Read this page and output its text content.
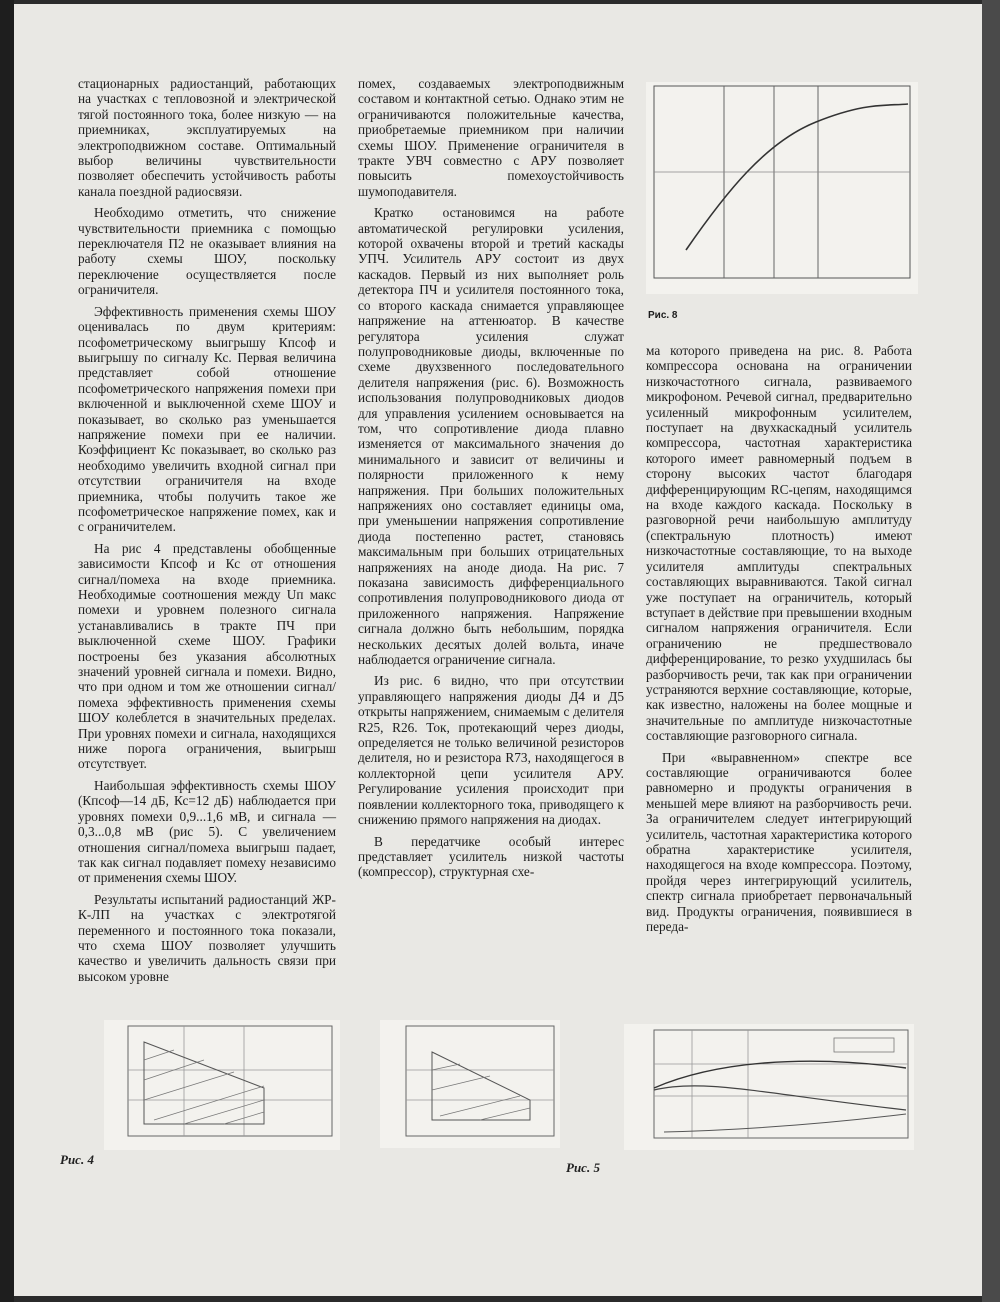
стационарных радиостанций, работающих на участках с тепловозной и электрической тягой постоянного тока, более низкую — на приемниках, эксплуатируемых на электроподвижном составе. Оптимальный выбор величины чувствительности позволяет обеспечить устойчивость работы канала поездной радиосвязи.

Необходимо отметить, что снижение чувствительности приемника с помощью переключателя П2 не оказывает влияния на работу схемы ШОУ, поскольку переключение осуществляется после ограничителя.

Эффективность применения схемы ШОУ оценивалась по двум критериям: псофометрическому выигрышу Кпсоф и выигрышу по сигналу Кс. Первая величина представляет собой отношение псофометрического напряжения помехи при включенной и выключенной схеме ШОУ и показывает, во сколько раз уменьшается напряжение помехи при ее наличии. Коэффициент Кс показывает, во сколько раз необходимо увеличить входной сигнал при отсутствии ограничителя на входе приемника, чтобы получить такое же псофометрическое напряжение помех, как и с ограничителем.

На рис 4 представлены обобщенные зависимости Кпсоф и Кс от отношения сигнал/помеха на входе приемника. Необходимые соотношения между Uп макс помехи и уровнем полезного сигнала устанавливались в тракте ПЧ при выключенной схеме ШОУ. Графики построены без указания абсолютных значений уровней сигнала и помехи. Видно, что при одном и том же отношении сигнал/помеха эффективность применения схемы ШОУ колеблется в значительных пределах. При уровнях помехи и сигнала, находящихся ниже порога ограничения, выигрыш отсутствует.

Наибольшая эффективность схемы ШОУ (Кпсоф—14 дБ, Кс=12 дБ) наблюдается при уровнях помехи 0,9...1,6 мВ, и сигнала — 0,3...0,8 мВ (рис 5). С увеличением отношения сигнал/помеха выигрыш падает, так как сигнал подавляет помеху независимо от применения схемы ШОУ.

Результаты испытаний радиостанций ЖР-К-ЛП на участках с электротягой переменного и постоянного тока показали, что схема ШОУ позволяет улучшить качество и увеличить дальность связи при высоком уровне

помех, создаваемых электроподвижным составом и контактной сетью. Однако этим не ограничиваются положительные качества, приобретаемые приемником при наличии схемы ШОУ. Применение ограничителя в тракте УВЧ совместно с АРУ позволяет повысить помехоустойчивость шумоподавителя.

Кратко остановимся на работе автоматической регулировки усиления, которой охвачены второй и третий каскады УПЧ. Усилитель АРУ состоит из двух каскадов. Первый из них выполняет роль детектора ПЧ и усилителя постоянного тока, со второго каскада снимается управляющее напряжение на аттенюатор. В качестве регулятора усиления служат полупроводниковые диоды, включенные по схеме двухзвенного последовательного делителя напряжения (рис. 6). Возможность использования полупроводниковых диодов для управления усилением основывается на том, что сопротивление диода плавно изменяется от максимального значения до минимального и зависит от величины и полярности приложенного к нему напряжения. При больших положительных напряжениях оно составляет единицы ома, при уменьшении напряжения сопротивление диода постепенно растет, становясь максимальным при больших отрицательных напряжениях на аноде диода. На рис. 7 показана зависимость дифференциального сопротивления полупроводникового диода от приложенного напряжения. Напряжение сигнала должно быть небольшим, порядка нескольких десятых долей вольта, иначе наблюдается ограничение сигнала.

Из рис. 6 видно, что при отсутствии управляющего напряжения диоды Д4 и Д5 открыты напряжением, снимаемым с делителя R25, R26. Ток, протекающий через диоды, определяется не только величиной резисторов делителя, но и резистора R73, находящегося в коллекторной цепи усилителя АРУ. Регулирование усиления происходит при появлении коллекторного тока, приводящего к снижению прямого напряжения на диодах.

В передатчике особый интерес представляет усилитель низкой частоты (компрессор), структурная схе-

ма которого приведена на рис. 8. Работа компрессора основана на ограничении низкочастотного сигнала, развиваемого микрофоном. Речевой сигнал, предварительно усиленный микрофонным усилителем, поступает на двухкаскадный усилитель компрессора, частотная характеристика которого имеет равномерный подъем в сторону высоких частот благодаря дифференцирующим RC-цепям, находящимся на входе каждого каскада. Поскольку в разговорной речи наибольшую амплитуду (спектральную плотность) имеют низкочастотные составляющие, то на выходе усилителя амплитуды спектральных составляющих выравниваются. Такой сигнал уже поступает на ограничитель, который вступает в действие при превышении входным сигналом напряжения ограничителя. Если ограничению не предшествовало дифференцирование, то резко ухудшилась бы разборчивость речи, так как при ограничении устраняются верхние составляющие, которые, как известно, наложены на более мощные и значительные по амплитуде низкочастотные составляющие разговорного сигнала.

При «выравненном» спектре все составляющие ограничиваются более равномерно и продукты ограничения в меньшей мере влияют на разборчивость речи. За ограничителем следует интегрирующий усилитель, частотная характеристика которого обратна характеристике усилителя, находящегося на входе компрессора. Поэтому, пройдя через интегрирующий усилитель, спектр сигнала приобретает первоначальный вид. Продукты ограничения, появившиеся в переда-

Рис. 8
Рис. 4
Рис. 5
